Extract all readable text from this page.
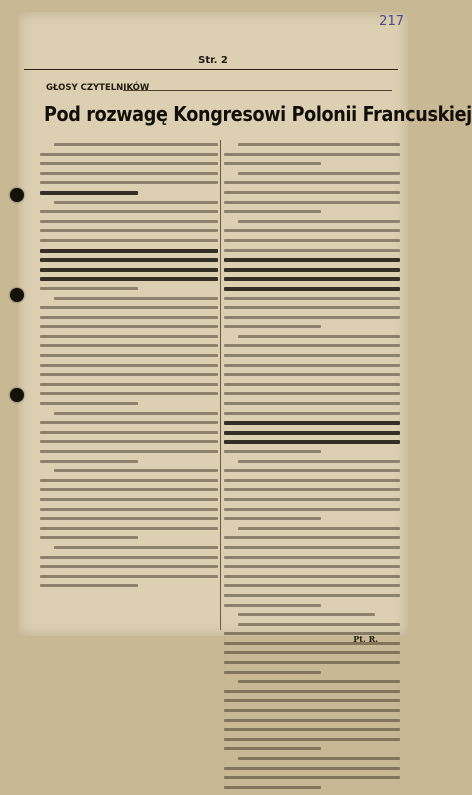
217
Str. 2
GŁOSY CZYTELNIKÓW
Pod rozwagę Kongresowi Polonii Francuskiej
Pt. R.
